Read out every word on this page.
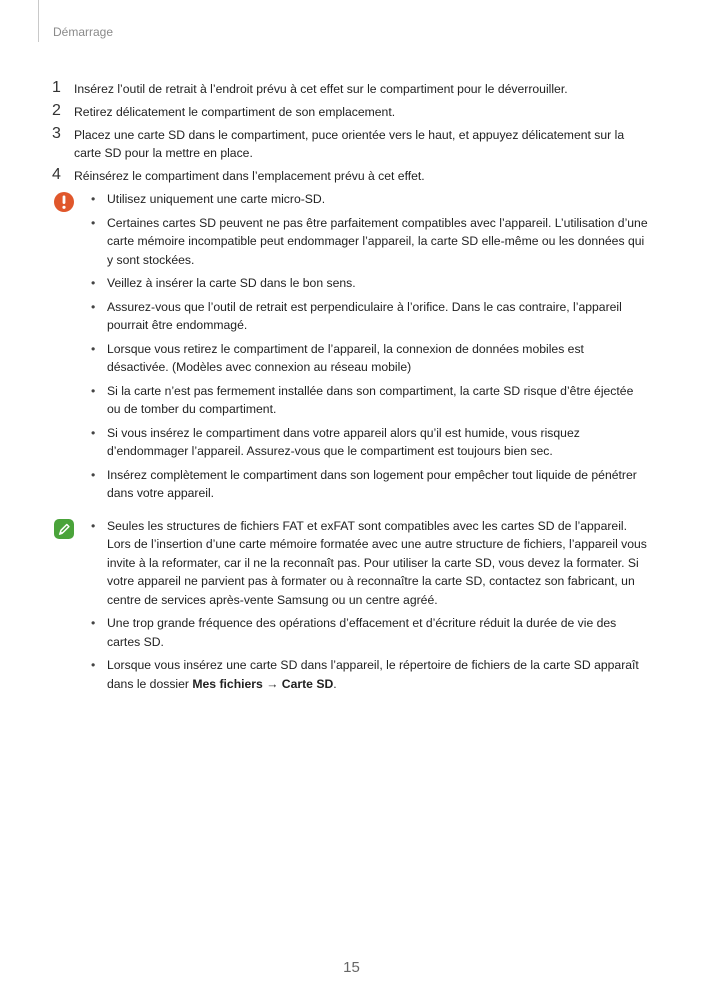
Démarrage
1 Insérez l’outil de retrait à l’endroit prévu à cet effet sur le compartiment pour le déverrouiller.
2 Retirez délicatement le compartiment de son emplacement.
3 Placez une carte SD dans le compartiment, puce orientée vers le haut, et appuyez délicatement sur la carte SD pour la mettre en place.
4 Réinsérez le compartiment dans l’emplacement prévu à cet effet.
• Utilisez uniquement une carte micro-SD.
• Certaines cartes SD peuvent ne pas être parfaitement compatibles avec l’appareil. L’utilisation d’une carte mémoire incompatible peut endommager l’appareil, la carte SD elle-même ou les données qui y sont stockées.
• Veillez à insérer la carte SD dans le bon sens.
• Assurez-vous que l’outil de retrait est perpendiculaire à l’orifice. Dans le cas contraire, l’appareil pourrait être endommagé.
• Lorsque vous retirez le compartiment de l’appareil, la connexion de données mobiles est désactivée. (Modèles avec connexion au réseau mobile)
• Si la carte n’est pas fermement installée dans son compartiment, la carte SD risque d’être éjectée ou de tomber du compartiment.
• Si vous insérez le compartiment dans votre appareil alors qu’il est humide, vous risquez d’endommager l’appareil. Assurez-vous que le compartiment est toujours bien sec.
• Insérez complètement le compartiment dans son logement pour empêcher tout liquide de pénétrer dans votre appareil.
• Seules les structures de fichiers FAT et exFAT sont compatibles avec les cartes SD de l’appareil. Lors de l’insertion d’une carte mémoire formatée avec une autre structure de fichiers, l’appareil vous invite à la reformater, car il ne la reconnaît pas. Pour utiliser la carte SD, vous devez la formater. Si votre appareil ne parvient pas à formater ou à reconnaître la carte SD, contactez son fabricant, un centre de services après-vente Samsung ou un centre agréé.
• Une trop grande fréquence des opérations d’effacement et d’écriture réduit la durée de vie des cartes SD.
• Lorsque vous insérez une carte SD dans l’appareil, le répertoire de fichiers de la carte SD apparaît dans le dossier Mes fichiers → Carte SD.
15
